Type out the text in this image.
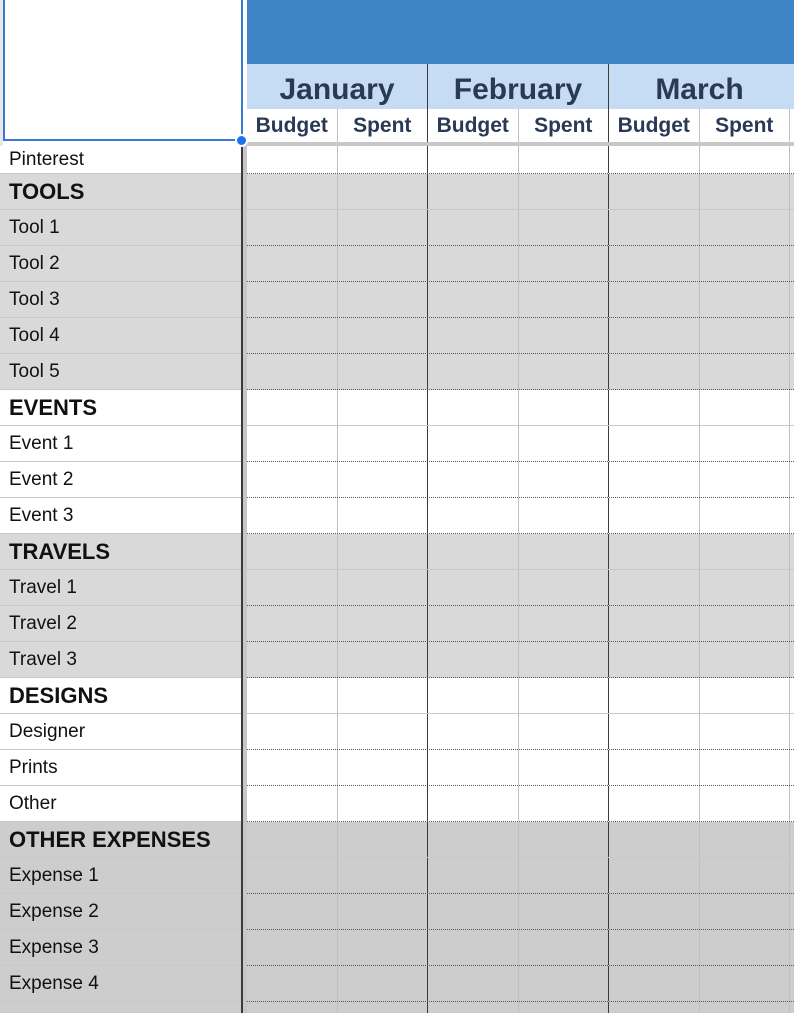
January	February	March
Budget	Spent	Budget	Spent	Budget	Spent
Pinterest
TOOLS
Tool 1
Tool 2
Tool 3
Tool 4
Tool 5
EVENTS
Event 1
Event 2
Event 3
TRAVELS
Travel 1
Travel 2
Travel 3
DESIGNS
Designer
Prints
Other
OTHER EXPENSES
Expense 1
Expense 2
Expense 3
Expense 4
